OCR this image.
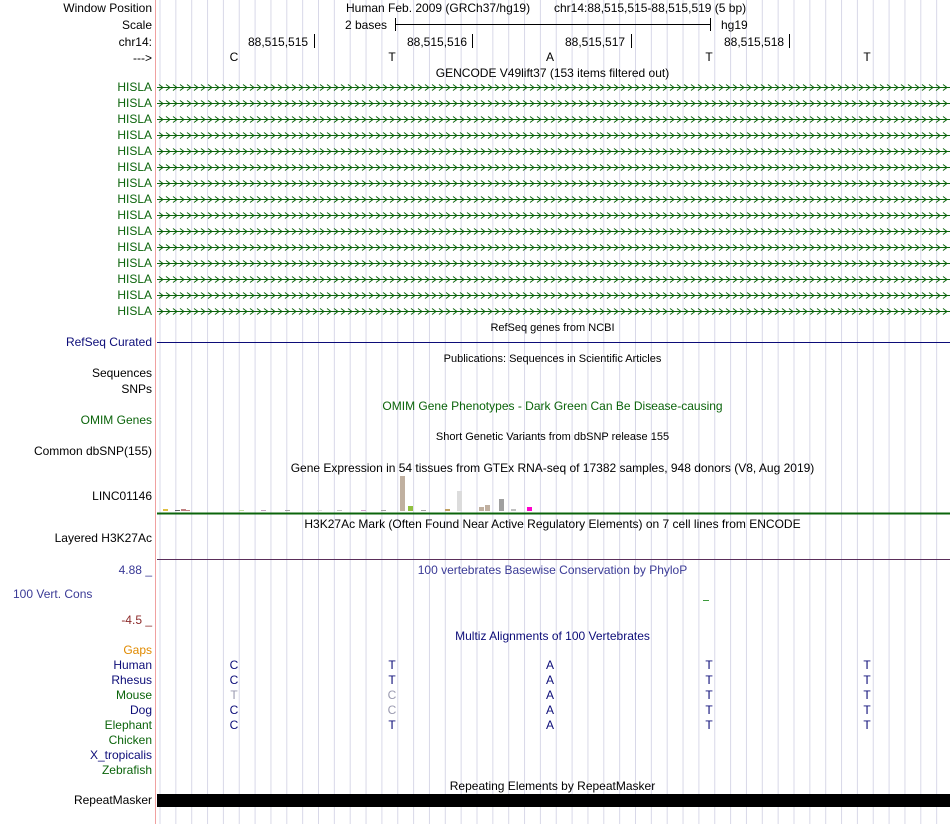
Window Position	Human Feb. 2009 (GRCh37/hg19) chr14:88,515,515-88,515,519 (5 bp)
Scale	2 bases	hg19
chr14:	88,515,515	88,515,516	88,515,517	88,515,518
--->	C	T	A	T	T
GENCODE V49lift37 (153 items filtered out)
HISLA
HISLA
HISLA
HISLA
HISLA
HISLA
HISLA
HISLA
HISLA
HISLA
HISLA
HISLA
HISLA
HISLA
HISLA
RefSeq genes from NCBI
RefSeq Curated
Publications: Sequences in Scientific Articles
Sequences
SNPs
OMIM Gene Phenotypes - Dark Green Can Be Disease-causing
OMIM Genes
Short Genetic Variants from dbSNP release 155
Common dbSNP(155)
Gene Expression in 54 tissues from GTEx RNA-seq of 17382 samples, 948 donors (V8, Aug 2019)
LINC01146
H3K27Ac Mark (Often Found Near Active Regulatory Elements) on 7 cell lines from ENCODE
Layered H3K27Ac
4.88 _	100 vertebrates Basewise Conservation by PhyloP
100 Vert. Cons
-4.5 _
Multiz Alignments of 100 Vertebrates
Gaps
Human	C	T	A	T	T
Rhesus	C	T	A	T	T
Mouse	T	C	A	T	T
Dog	C	C	A	T	T
Elephant	C	T	A	T	T
Chicken
X_tropicalis
Zebrafish
Repeating Elements by RepeatMasker
RepeatMasker
